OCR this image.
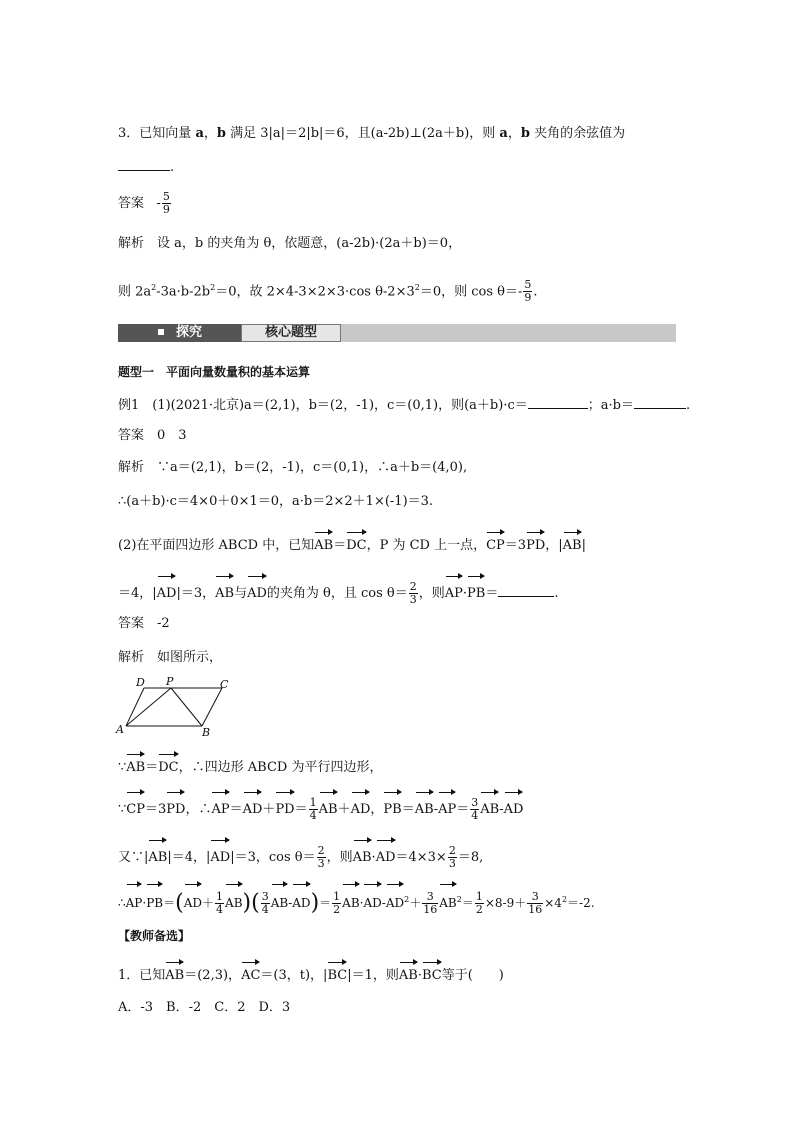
3．已知向量 a，b 满足 3|a|＝2|b|＝6，且(a-2b)⊥(2a＋b)，则 a，b 夹角的余弦值为
.
答案 - $\frac{5}{9}$
解析　设 a，b 的夹角为 θ，依题意，(a-2b)·(2a＋b)＝0，
则 $2a^2-3a\cdot b-2b^2=0$，故 2×4-3×2×3·cos $\theta-2\times 3^2=0$，则 $\cos \theta=- \frac{5}{9}$ .
探究	核心题型
题型一　平面向量数量积的基本运算
例1　(1)(2021·北京)a＝(2,1)，b＝(2，-1)，c＝(0,1)，则(a＋b)·c＝	；a·b＝	.
答案　0　3
解析　∵a＝(2,1)，b＝(2，-1)，c＝(0,1)，∴a＋b＝(4,0),
∴(a＋b)·c＝4×0＋0×1＝0，a·b＝2×2＋1×(-1)＝3.
(2)在平面四边形 ABCD 中，已知AB＝DC，P 为 CD 上一点，CP＝3PD，|AB|
＝4，|AD|＝3，AB与AD的夹角为 θ，且 $\cos \theta= \frac{2}{3}$ ，则AP·PB＝	.
答案　-2
解析　如图所示，
D P	C
A	B
∵AB＝DC，∴四边形 ABCD 为平行四边形，
∵CP＝3PD，∴AP＝AD＋PD＝ $\frac{1}{4} AB+AD$，$PB=AB-AP= \frac{3}{4} AB-AD$
又∵|AB|＝4，|AD|＝3，$\cos \theta= \frac{2}{3}$ ，则$AB\cdot AD=4\times 3\times \frac{2}{3} =8$,
∴AP·PB＝(AD＋ $\frac{1}{4} AB)( \frac{3}{4} AB-AD)= \frac{1}{2} AB\cdot AD-AD^2+ \frac{3}{16} AB^2= \frac{1}{2} \times 8-9+ \frac{3}{16} \times 4^2=-2$.
【教师备选】
1．已知AB＝(2,3)，AC＝(3，t)，|BC|＝1，则AB·BC等于(　　)
A．-3　B．-2　C．2　D．3
